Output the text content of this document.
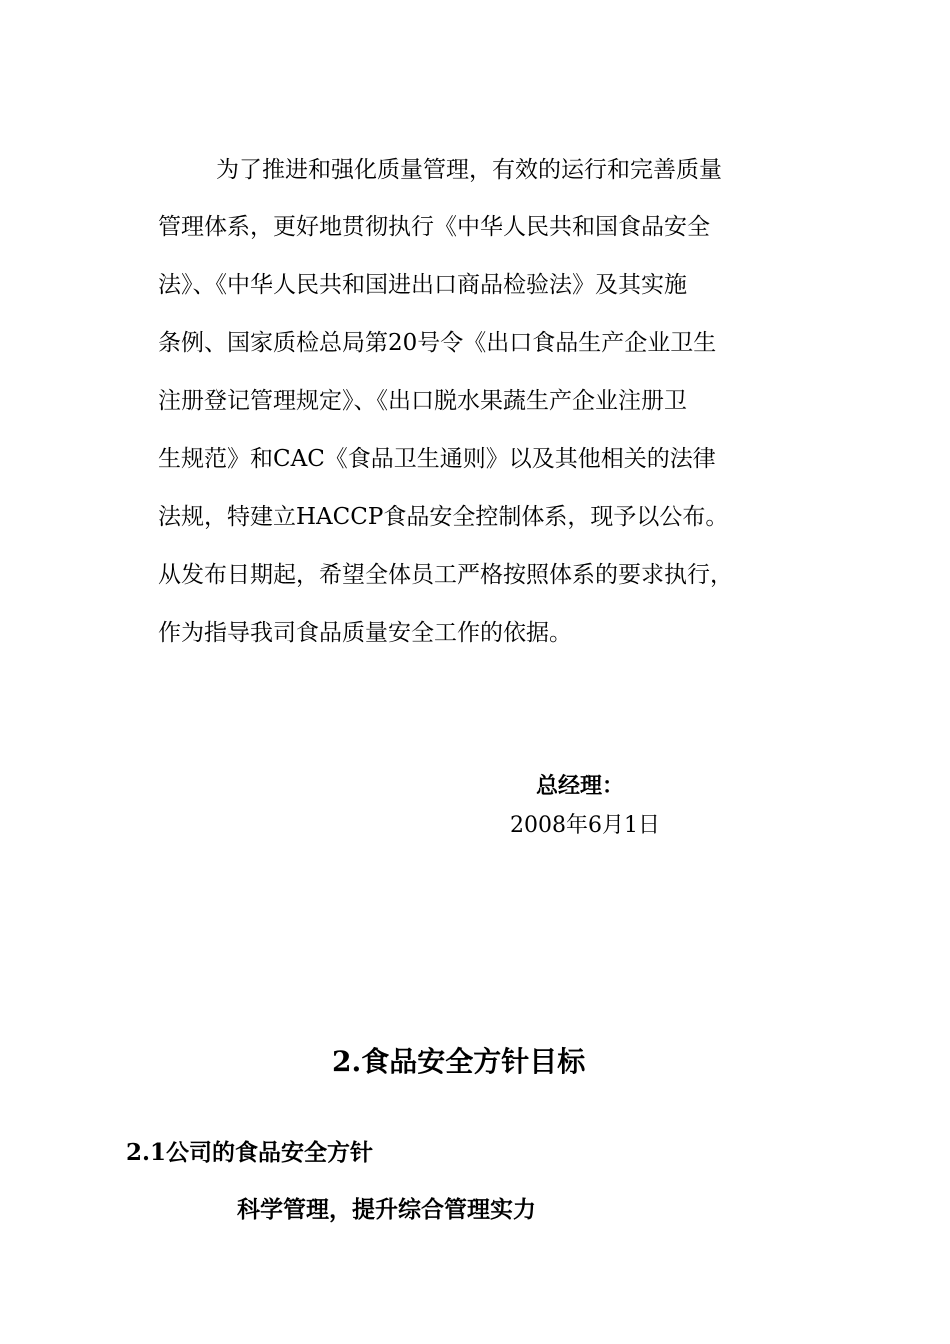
为了推进和强化质量管理，有效的运行和完善质量
管理体系，更好地贯彻执行《中华人民共和国食品安全
法》、《中华人民共和国进出口商品检验法》及其实施
条例、国家质检总局第20号令《出口食品生产企业卫生
注册登记管理规定》、《出口脱水果蔬生产企业注册卫
生规范》和CAC《食品卫生通则》以及其他相关的法律
法规，特建立HACCP食品安全控制体系，现予以公布。
从发布日期起，希望全体员工严格按照体系的要求执行，
作为指导我司食品质量安全工作的依据。
总经理：
2008年6月1日
2.食品安全方针目标
2.1公司的食品安全方针
科学管理，提升综合管理实力
